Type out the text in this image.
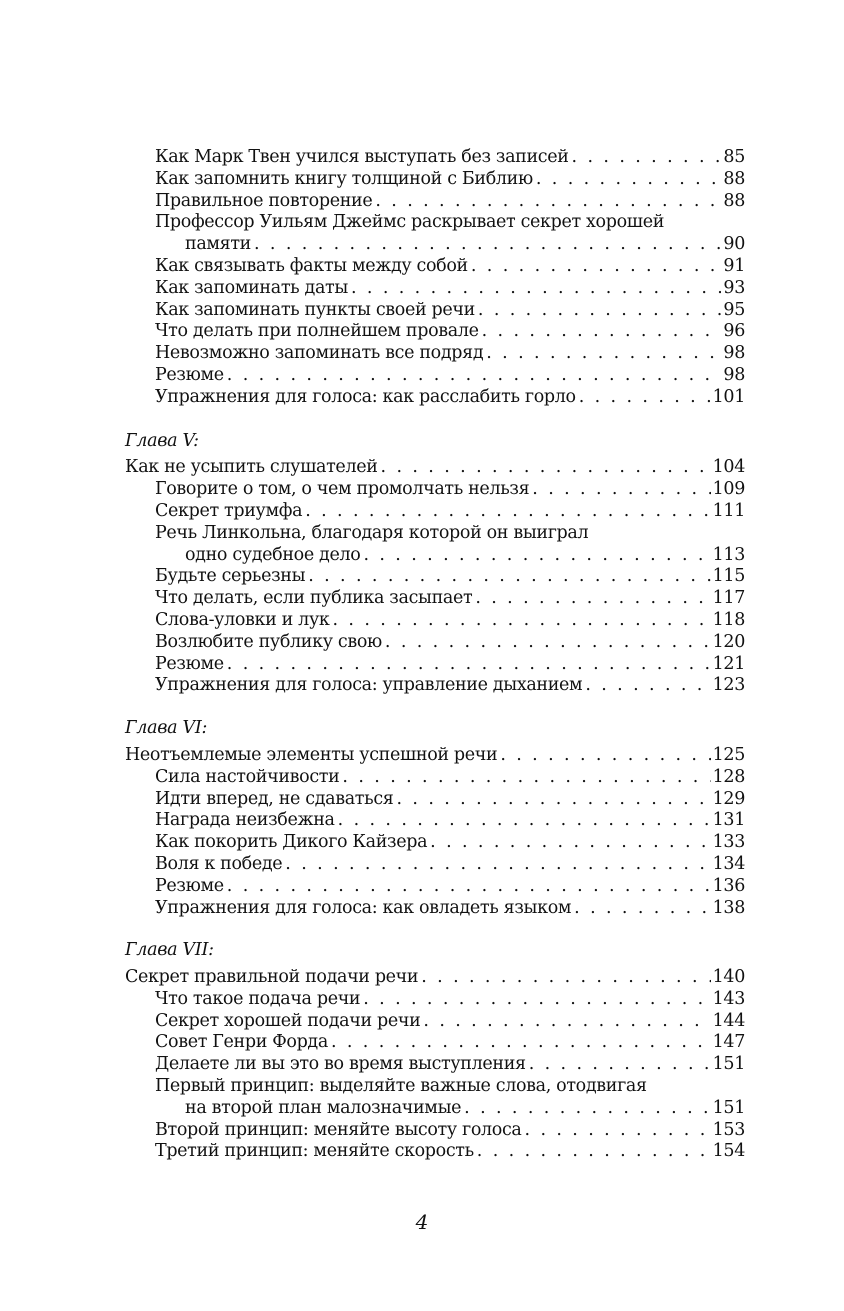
Как Марк Твен учился выступать без записей . . .	85
Как запомнить книгу толщиной с Библию . . .	88
Правильное повторение . . .	88
Профессор Уильям Джеймс раскрывает секрет хорошей
памяти . . .	90
Как связывать факты между собой . . .	91
Как запоминать даты . . .	93
Как запоминать пункты своей речи . . .	95
Что делать при полнейшем провале . . .	96
Невозможно запоминать все подряд . . .	98
Резюме . . .	98
Упражнения для голоса: как расслабить горло . . .	101
Глава V:
Как не усыпить слушателей . . .	104
Говорите о том, о чем промолчать нельзя . . .	109
Секрет триумфа . . .	111
Речь Линкольна, благодаря которой он выиграл
одно судебное дело . . .	113
Будьте серьезны . . .	115
Что делать, если публика засыпает . . .	117
Слова-уловки и лук . . .	118
Возлюбите публику свою . . .	120
Резюме . . .	121
Упражнения для голоса: управление дыханием . . .	123
Глава VI:
Неотъемлемые элементы успешной речи . . .	125
Сила настойчивости . . .	128
Идти вперед, не сдаваться . . .	129
Награда неизбежна . . .	131
Как покорить Дикого Кайзера . . .	133
Воля к победе . . .	134
Резюме . . .	136
Упражнения для голоса: как овладеть языком . . .	138
Глава VII:
Секрет правильной подачи речи . . .	140
Что такое подача речи . . .	143
Секрет хорошей подачи речи . . .	144
Совет Генри Форда . . .	147
Делаете ли вы это во время выступления . . .	151
Первый принцип: выделяйте важные слова, отодвигая
на второй план малозначимые . . .	151
Второй принцип: меняйте высоту голоса . . .	153
Третий принцип: меняйте скорость . . .	154
4
